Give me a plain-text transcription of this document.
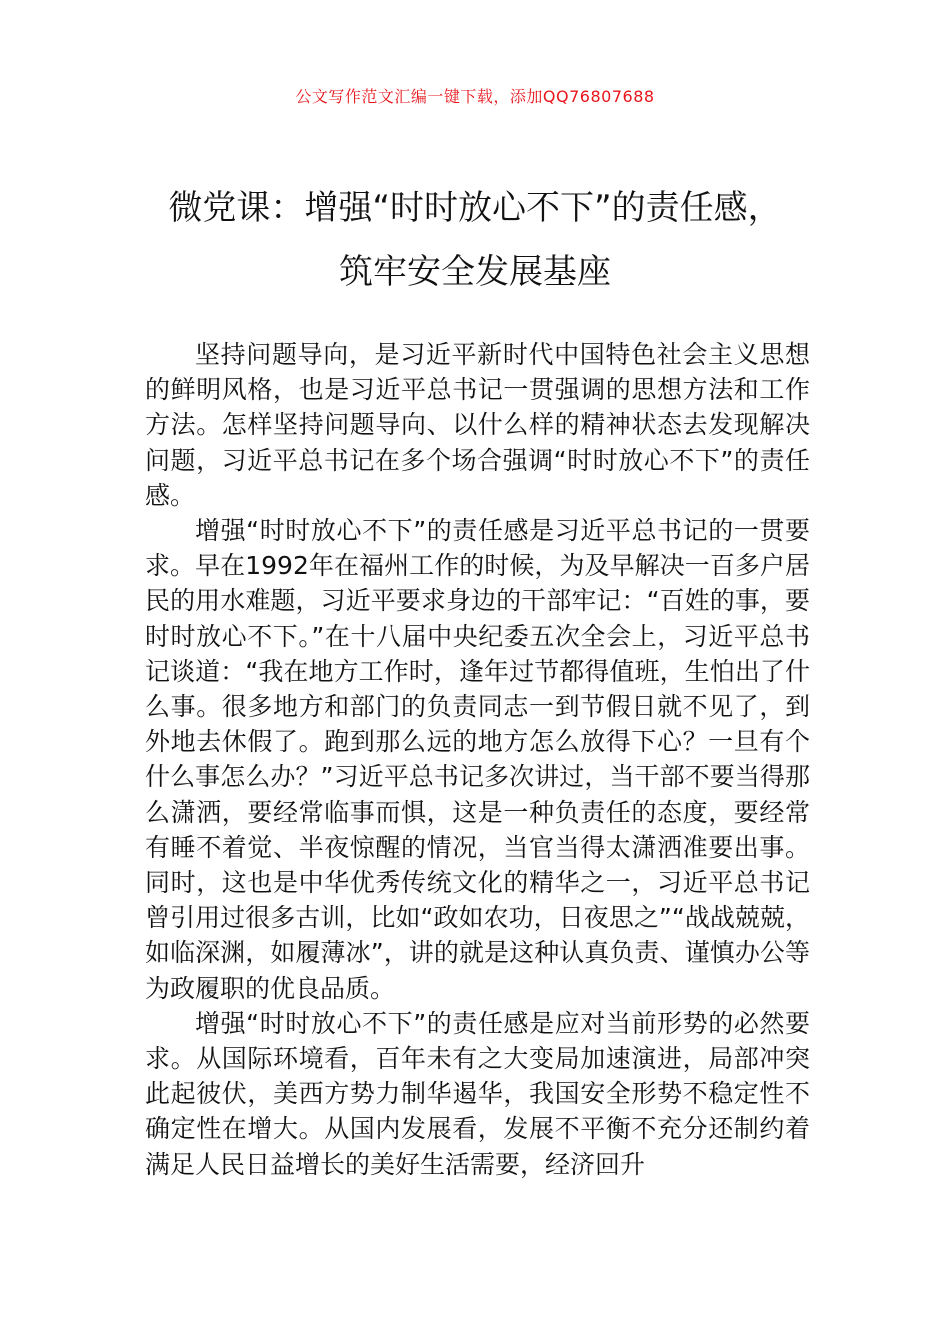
公文写作范文汇编一键下载，添加QQ76807688
微党课：增强“时时放心不下”的责任感，
筑牢安全发展基座

坚持问题导向，是习近平新时代中国特色社会主义思想的鲜明风格，也是习近平总书记一贯强调的思想方法和工作方法。怎样坚持问题导向、以什么样的精神状态去发现解决问题，习近平总书记在多个场合强调“时时放心不下”的责任感。

增强“时时放心不下”的责任感是习近平总书记的一贯要求。早在1992年在福州工作的时候，为及早解决一百多户居民的用水难题，习近平要求身边的干部牢记：“百姓的事，要时时放心不下。”在十八届中央纪委五次全会上，习近平总书记谈道：“我在地方工作时，逢年过节都得值班，生怕出了什么事。很多地方和部门的负责同志一到节假日就不见了，到外地去休假了。跑到那么远的地方怎么放得下心？一旦有个什么事怎么办？”习近平总书记多次讲过，当干部不要当得那么潇洒，要经常临事而惧，这是一种负责任的态度，要经常有睡不着觉、半夜惊醒的情况，当官当得太潇洒准要出事。同时，这也是中华优秀传统文化的精华之一，习近平总书记曾引用过很多古训，比如“政如农功，日夜思之”“战战兢兢，如临深渊，如履薄冰”，讲的就是这种认真负责、谨慎办公等为政履职的优良品质。

增强“时时放心不下”的责任感是应对当前形势的必然要求。从国际环境看，百年未有之大变局加速演进，局部冲突此起彼伏，美西方势力制华遏华，我国安全形势不稳定性不确定性在增大。从国内发展看，发展不平衡不充分还制约着满足人民日益增长的美好生活需要，经济回升
